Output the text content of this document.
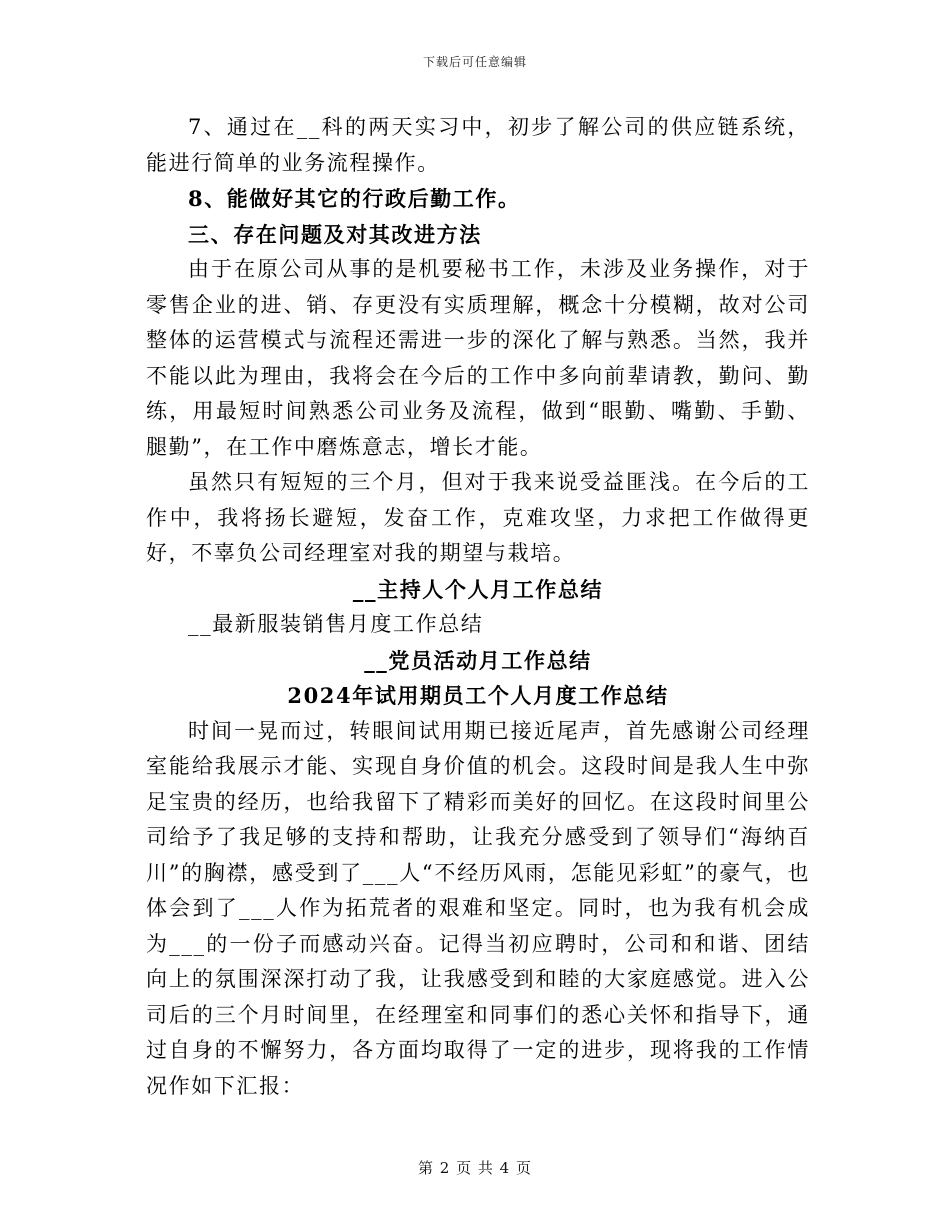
下载后可任意编辑

7、通过在__科的两天实习中，初步了解公司的供应链系统，能进行简单的业务流程操作。

8、能做好其它的行政后勤工作。

三、存在问题及对其改进方法

由于在原公司从事的是机要秘书工作，未涉及业务操作，对于零售企业的进、销、存更没有实质理解，概念十分模糊，故对公司整体的运营模式与流程还需进一步的深化了解与熟悉。当然，我并不能以此为理由，我将会在今后的工作中多向前辈请教，勤问、勤练，用最短时间熟悉公司业务及流程，做到“眼勤、嘴勤、手勤、腿勤”，在工作中磨炼意志，增长才能。

虽然只有短短的三个月，但对于我来说受益匪浅。在今后的工作中，我将扬长避短，发奋工作，克难攻坚，力求把工作做得更好，不辜负公司经理室对我的期望与栽培。

__主持人个人月工作总结

__最新服装销售月度工作总结

__党员活动月工作总结

2024年试用期员工个人月度工作总结

时间一晃而过，转眼间试用期已接近尾声，首先感谢公司经理室能给我展示才能、实现自身价值的机会。这段时间是我人生中弥足宝贵的经历，也给我留下了精彩而美好的回忆。在这段时间里公司给予了我足够的支持和帮助，让我充分感受到了领导们“海纳百川”的胸襟，感受到了___人“不经历风雨，怎能见彩虹”的豪气，也体会到了___人作为拓荒者的艰难和坚定。同时，也为我有机会成为___的一份子而感动兴奋。记得当初应聘时，公司和和谐、团结向上的氛围深深打动了我，让我感受到和睦的大家庭感觉。进入公司后的三个月时间里，在经理室和同事们的悉心关怀和指导下，通过自身的不懈努力，各方面均取得了一定的进步，现将我的工作情况作如下汇报：

第 2 页 共 4 页
